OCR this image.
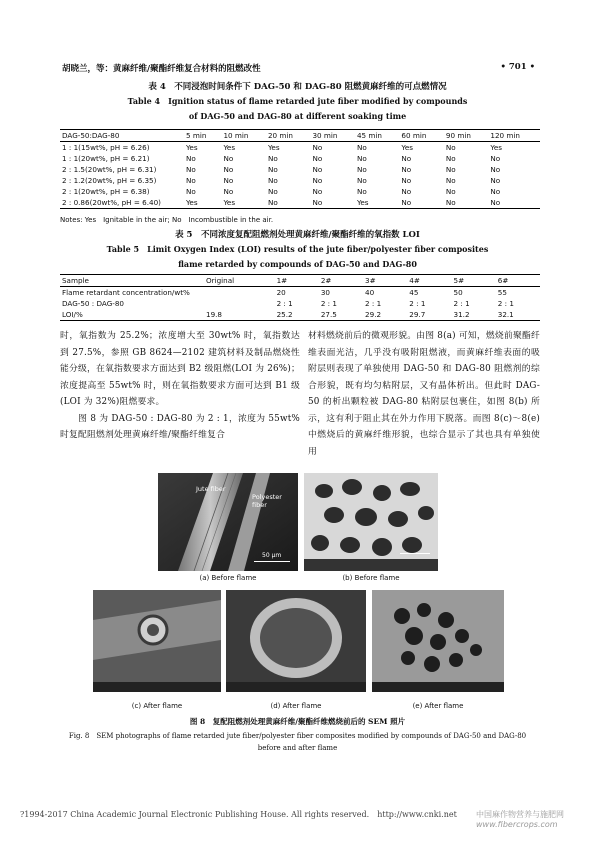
胡晓兰，等：黄麻纤维/聚酯纤维复合材料的阻燃改性	• 701 •
表 4　不同浸泡时间条件下 DAG-50 和 DAG-80 阻燃黄麻纤维的可点燃情况
Table 4　Ignition status of flame retarded jute fiber modified by compounds
of DAG-50 and DAG-80 at different soaking time
DAG-50:DAG-80	5 min	10 min	20 min	30 min	45 min	60 min	90 min	120 min
1 : 1(15wt%, pH = 6.26)	Yes	Yes	Yes	No	No	Yes	No	Yes
1 : 1(20wt%, pH = 6.21)	No	No	No	No	No	No	No	No
2 : 1.5(20wt%, pH = 6.31)	No	No	No	No	No	No	No	No
2 : 1.2(20wt%, pH = 6.35)	No	No	No	No	No	No	No	No
2 : 1(20wt%, pH = 6.38)	No	No	No	No	No	No	No	No
2 : 0.86(20wt%, pH = 6.40)	Yes	Yes	No	No	Yes	No	No	No
Notes: Yes　Ignitable in the air; No　Incombustible in the air.
表 5　不同浓度复配阻燃剂处理黄麻纤维/聚酯纤维的氧指数 LOI
Table 5　Limit Oxygen Index (LOI) results of the jute fiber/polyester fiber composites
flame retarded by compounds of DAG-50 and DAG-80
Sample	Original	1#	2#	3#	4#	5#	6#
Flame retardant concentration/wt%		20	30	40	45	50	55
DAG-50 : DAG-80		2 : 1	2 : 1	2 : 1	2 : 1	2 : 1	2 : 1
LOI/%	19.8	25.2	27.5	29.2	29.7	31.2	32.1
时，氧指数为 25.2%；浓度增大至 30wt% 时，氧指数达到 27.5%，参照 GB 8624—2102 建筑材料及制品燃烧性能分级，在氧指数要求方面达到 B2 级阻燃(LOI 为 26%)；浓度提高至 55wt% 时，则在氧指数要求方面可达到 B1 级(LOI 为 32%)阻燃要求。
　　图 8 为 DAG-50 : DAG-80 为 2 : 1，浓度为 55wt% 时复配阻燃剂处理黄麻纤维/聚酯纤维复合
材料燃烧前后的微观形貌。由图 8(a) 可知，燃烧前聚酯纤维表面光洁，几乎没有吸附阻燃液，而黄麻纤维表面的吸附层则表现了单独使用 DAG-50 和 DAG-80 阻燃剂的综合形貌，既有均匀粘附层，又有晶体析出。但此时 DAG-50 的析出颗粒被 DAG-80 粘附层包裹住，如图 8(b) 所示，这有利于阻止其在外力作用下脱落。而图 8(c)～8(e) 中燃烧后的黄麻纤维形貌，也综合显示了其也具有单独使用
Jute fiber
Polyester fiber
50 μm
(a) Before flame	(b) Before flame
(c) After flame	(d) After flame	(e) After flame
图 8　复配阻燃剂处理黄麻纤维/聚酯纤维燃烧前后的 SEM 照片
Fig. 8　SEM photographs of flame retarded jute fiber/polyester fiber composites modified by compounds of DAG-50 and DAG-80
before and after flame
?1994-2017 China Academic Journal Electronic Publishing House. All rights reserved.　http://www.cnki.net 中国麻作物营养与施肥网
www.fibercrops.com
